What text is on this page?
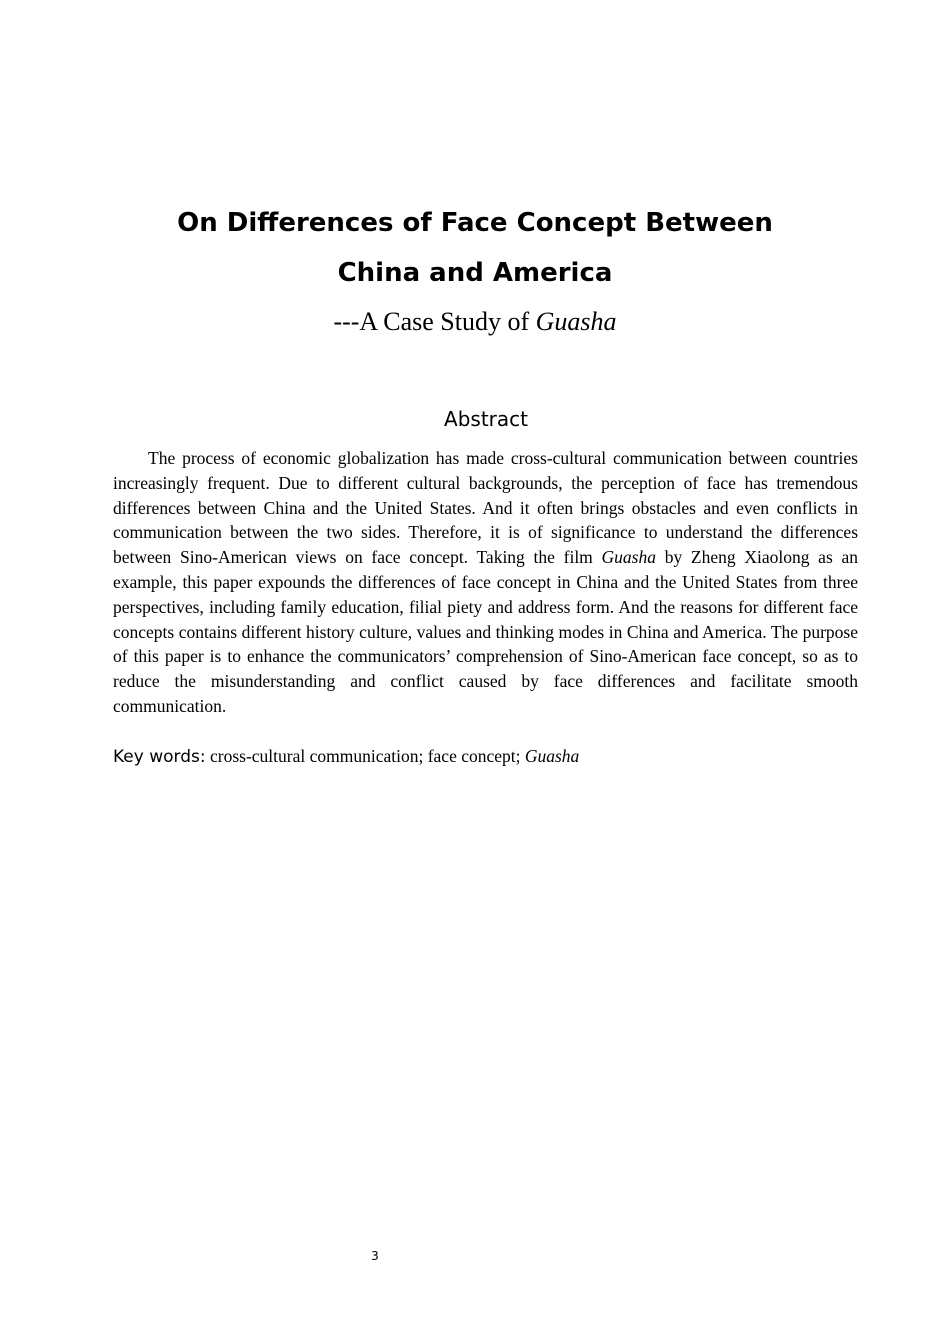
On Differences of Face Concept Between
China and America
---A Case Study of Guasha
Abstract

The process of economic globalization has made cross-cultural communication between countries increasingly frequent. Due to different cultural backgrounds, the perception of face has tremendous differences between China and the United States. And it often brings obstacles and even conflicts in communication between the two sides. Therefore, it is of significance to understand the differences between Sino-American views on face concept. Taking the film Guasha by Zheng Xiaolong as an example, this paper expounds the differences of face concept in China and the United States from three perspectives, including family education, filial piety and address form. And the reasons for different face concepts contains different history culture, values and thinking modes in China and America. The purpose of this paper is to enhance the communicators’ comprehension of Sino-American face concept, so as to reduce the misunderstanding and conflict caused by face differences and facilitate smooth communication.

Key words: cross-cultural communication; face concept; Guasha
3
